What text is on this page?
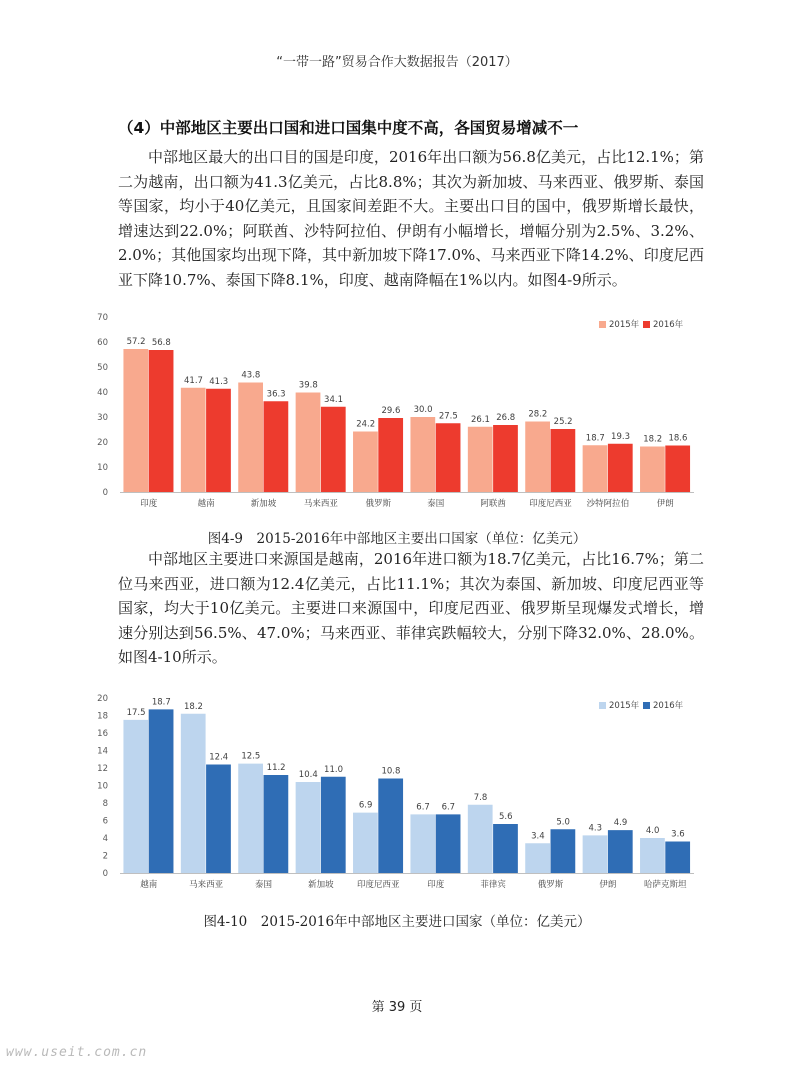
“一带一路”贸易合作大数据报告（2017）
（4）中部地区主要出口国和进口国集中度不高，各国贸易增减不一

中部地区最大的出口目的国是印度，2016年出口额为56.8亿美元，占比12.1%；第二为越南，出口额为41.3亿美元，占比8.8%；其次为新加坡、马来西亚、俄罗斯、泰国等国家，均小于40亿美元，且国家间差距不大。主要出口目的国中，俄罗斯增长最快，增速达到22.0%；阿联酋、沙特阿拉伯、伊朗有小幅增长，增幅分别为2.5%、3.2%、2.0%；其他国家均出现下降，其中新加坡下降17.0%、马来西亚下降14.2%、印度尼西亚下降10.7%、泰国下降8.1%，印度、越南降幅在1%以内。如图4-9所示。

0
10
20
30
40
50
60
70
57.2 56.8
印度
41.7 41.3
越南
43.8
36.3
新加坡
39.8
34.1
马来西亚
24.2
29.6
俄罗斯
30.0
27.5
泰国
26.1 26.8
阿联酋
28.2
25.2
印度尼西亚
18.7 19.3
沙特阿拉伯
18.2 18.6
伊朗
2015年 2016年
图4-9　2015-2016年中部地区主要出口国家（单位：亿美元）

中部地区主要进口来源国是越南，2016年进口额为18.7亿美元，占比16.7%；第二位马来西亚，进口额为12.4亿美元，占比11.1%；其次为泰国、新加坡、印度尼西亚等国家，均大于10亿美元。主要进口来源国中，印度尼西亚、俄罗斯呈现爆发式增长，增速分别达到56.5%、47.0%；马来西亚、菲律宾跌幅较大，分别下降32.0%、28.0%。如图4-10所示。

0
2
4
6
8
10
12
14
16
18
20
17.5
18.7
越南
18.2
12.4
马来西亚
12.5
11.2
泰国
10.4
11.0
新加坡
6.9
10.8
印度尼西亚
6.7 6.7
印度
7.8
5.6
菲律宾
3.4
5.0
俄罗斯
4.3
4.9
伊朗
4.0 3.6
哈萨克斯坦
2015年 2016年
图4-10　2015-2016年中部地区主要进口国家（单位：亿美元）
第 39 页
www.useit.com.cn
